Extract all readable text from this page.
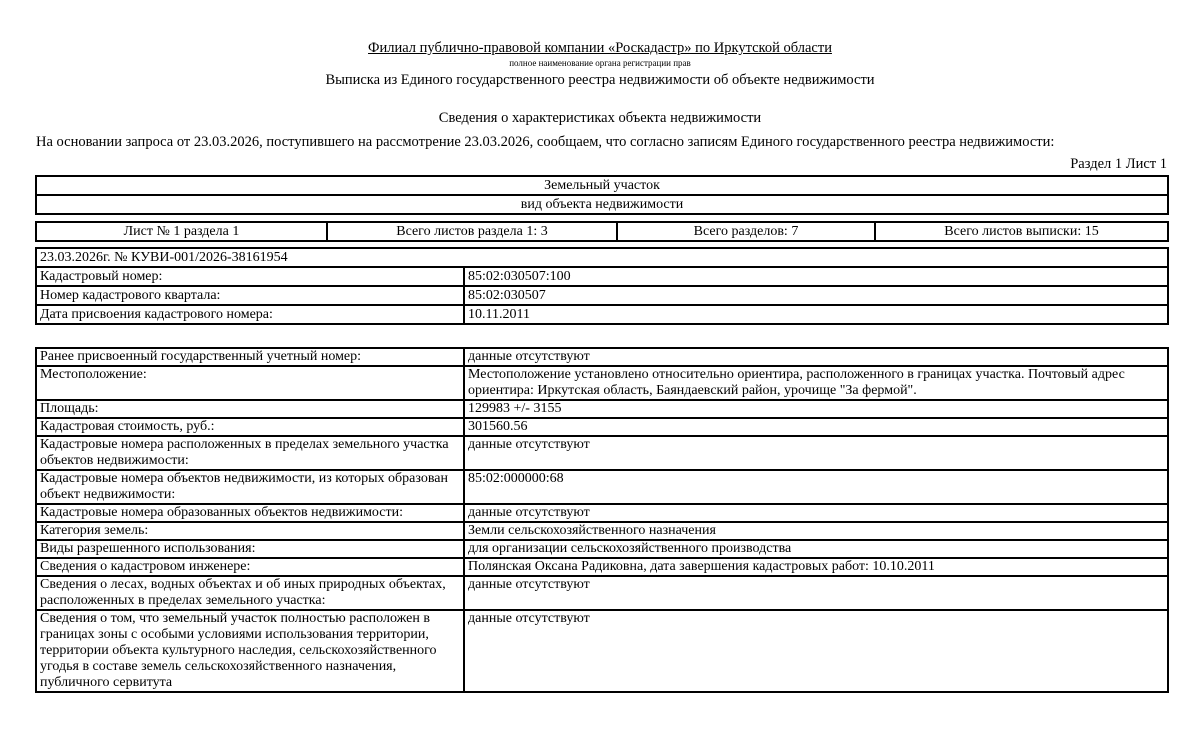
Филиал публично-правовой компании «Роскадастр» по Иркутской области
полное наименование органа регистрации прав
Выписка из Единого государственного реестра недвижимости об объекте недвижимости
Сведения о характеристиках объекта недвижимости
На основании запроса от 23.03.2026, поступившего на рассмотрение 23.03.2026, сообщаем, что согласно записям Единого государственного реестра недвижимости:
Раздел 1 Лист 1
Земельный участок
вид объекта недвижимости
Лист № 1 раздела 1	Всего листов раздела 1: 3	Всего разделов: 7	Всего листов выписки: 15
23.03.2026г. № КУВИ-001/2026-38161954	
Кадастровый номер:	85:02:030507:100
Номер кадастрового квартала:	85:02:030507
Дата присвоения кадастрового номера:	10.11.2011
Ранее присвоенный государственный учетный номер:	данные отсутствуют
Местоположение:	Местоположение установлено относительно ориентира, расположенного в границах участка. Почтовый адрес ориентира: Иркутская область, Баяндаевский район, урочище "За фермой".
Площадь:	129983 +/- 3155
Кадастровая стоимость, руб.:	301560.56
Кадастровые номера расположенных в пределах земельного участка объектов недвижимости:	данные отсутствуют
Кадастровые номера объектов недвижимости, из которых образован объект недвижимости:	85:02:000000:68
Кадастровые номера образованных объектов недвижимости:	данные отсутствуют
Категория земель:	Земли сельскохозяйственного назначения
Виды разрешенного использования:	для организации сельскохозяйственного производства
Сведения о кадастровом инженере:	Полянская Оксана Радиковна, дата завершения кадастровых работ: 10.10.2011
Сведения о лесах, водных объектах и об иных природных объектах, расположенных в пределах земельного участка:	данные отсутствуют
Сведения о том, что земельный участок полностью расположен в границах зоны с особыми условиями использования территории, территории объекта культурного наследия, сельскохозяйственного угодья в составе земель сельскохозяйственного назначения, публичного сервитута	данные отсутствуют
